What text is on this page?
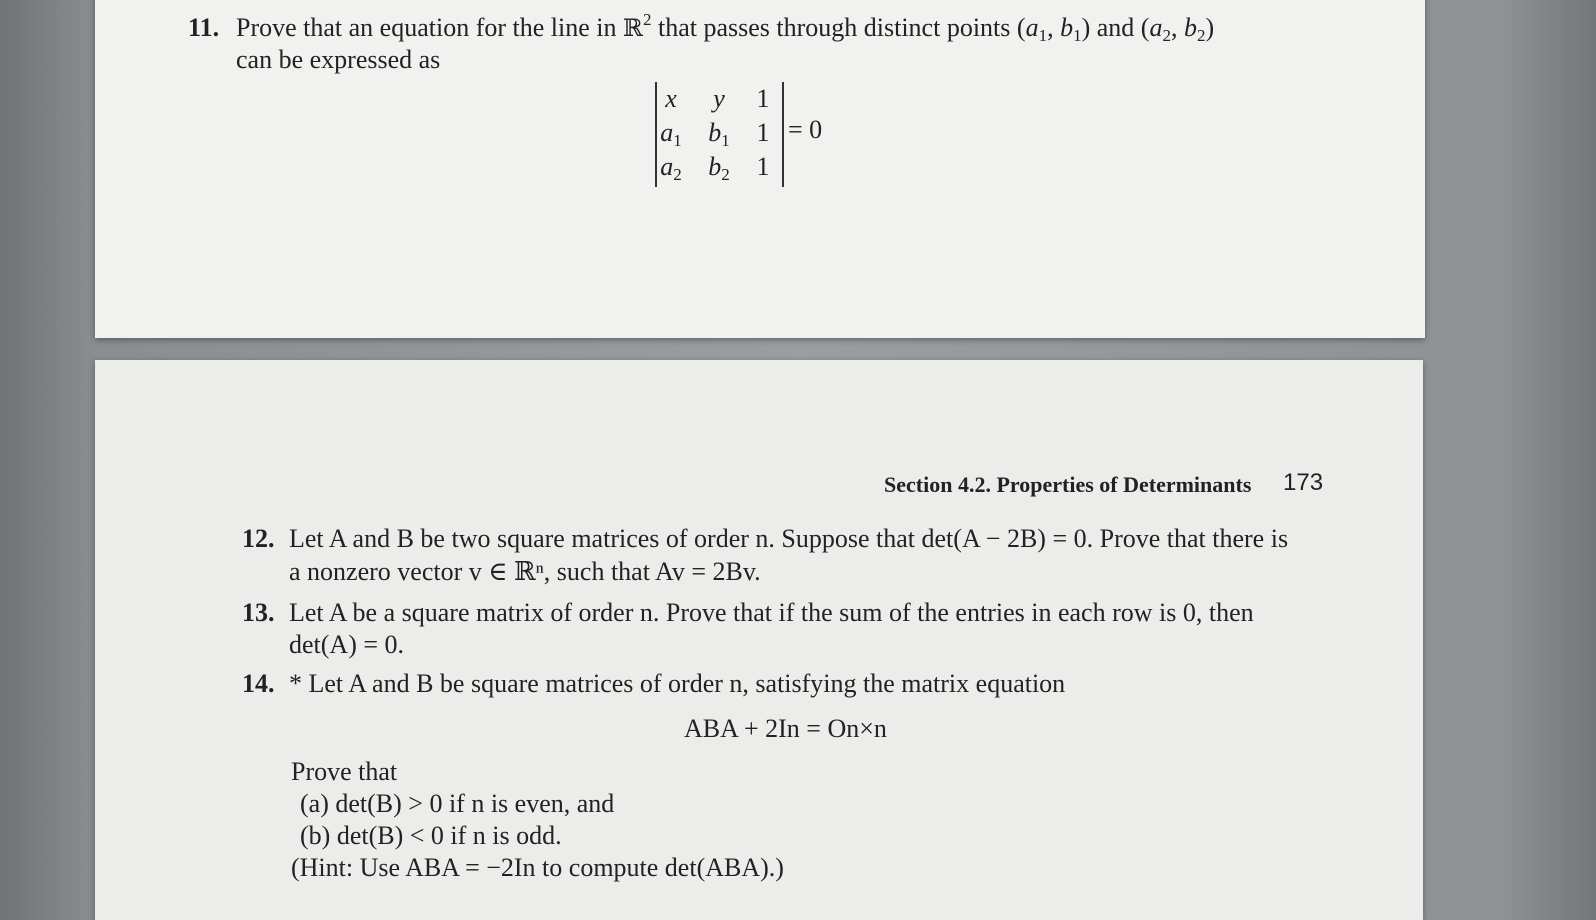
11. Prove that an equation for the line in ℝ$^2$ that passes through distinct points ($a_1$, $b_1$) and ($a_2$, $b_2$)
can be expressed as
x	y	1
$a_1$	$b_1$	1
$a_2$	$b_2$	1
= 0
Section 4.2. Properties of Determinants 173
12. Let A and B be two square matrices of order n. Suppose that det(A − 2B) = 0. Prove that there is
a nonzero vector v ∈ ℝⁿ, such that Av = 2Bv.
13. Let A be a square matrix of order n. Prove that if the sum of the entries in each row is 0, then
det(A) = 0.
14. * Let A and B be square matrices of order n, satisfying the matrix equation
ABA + 2In = On×n
Prove that
(a) det(B) > 0 if n is even, and
(b) det(B) < 0 if n is odd.
(Hint: Use ABA = −2In to compute det(ABA).)
